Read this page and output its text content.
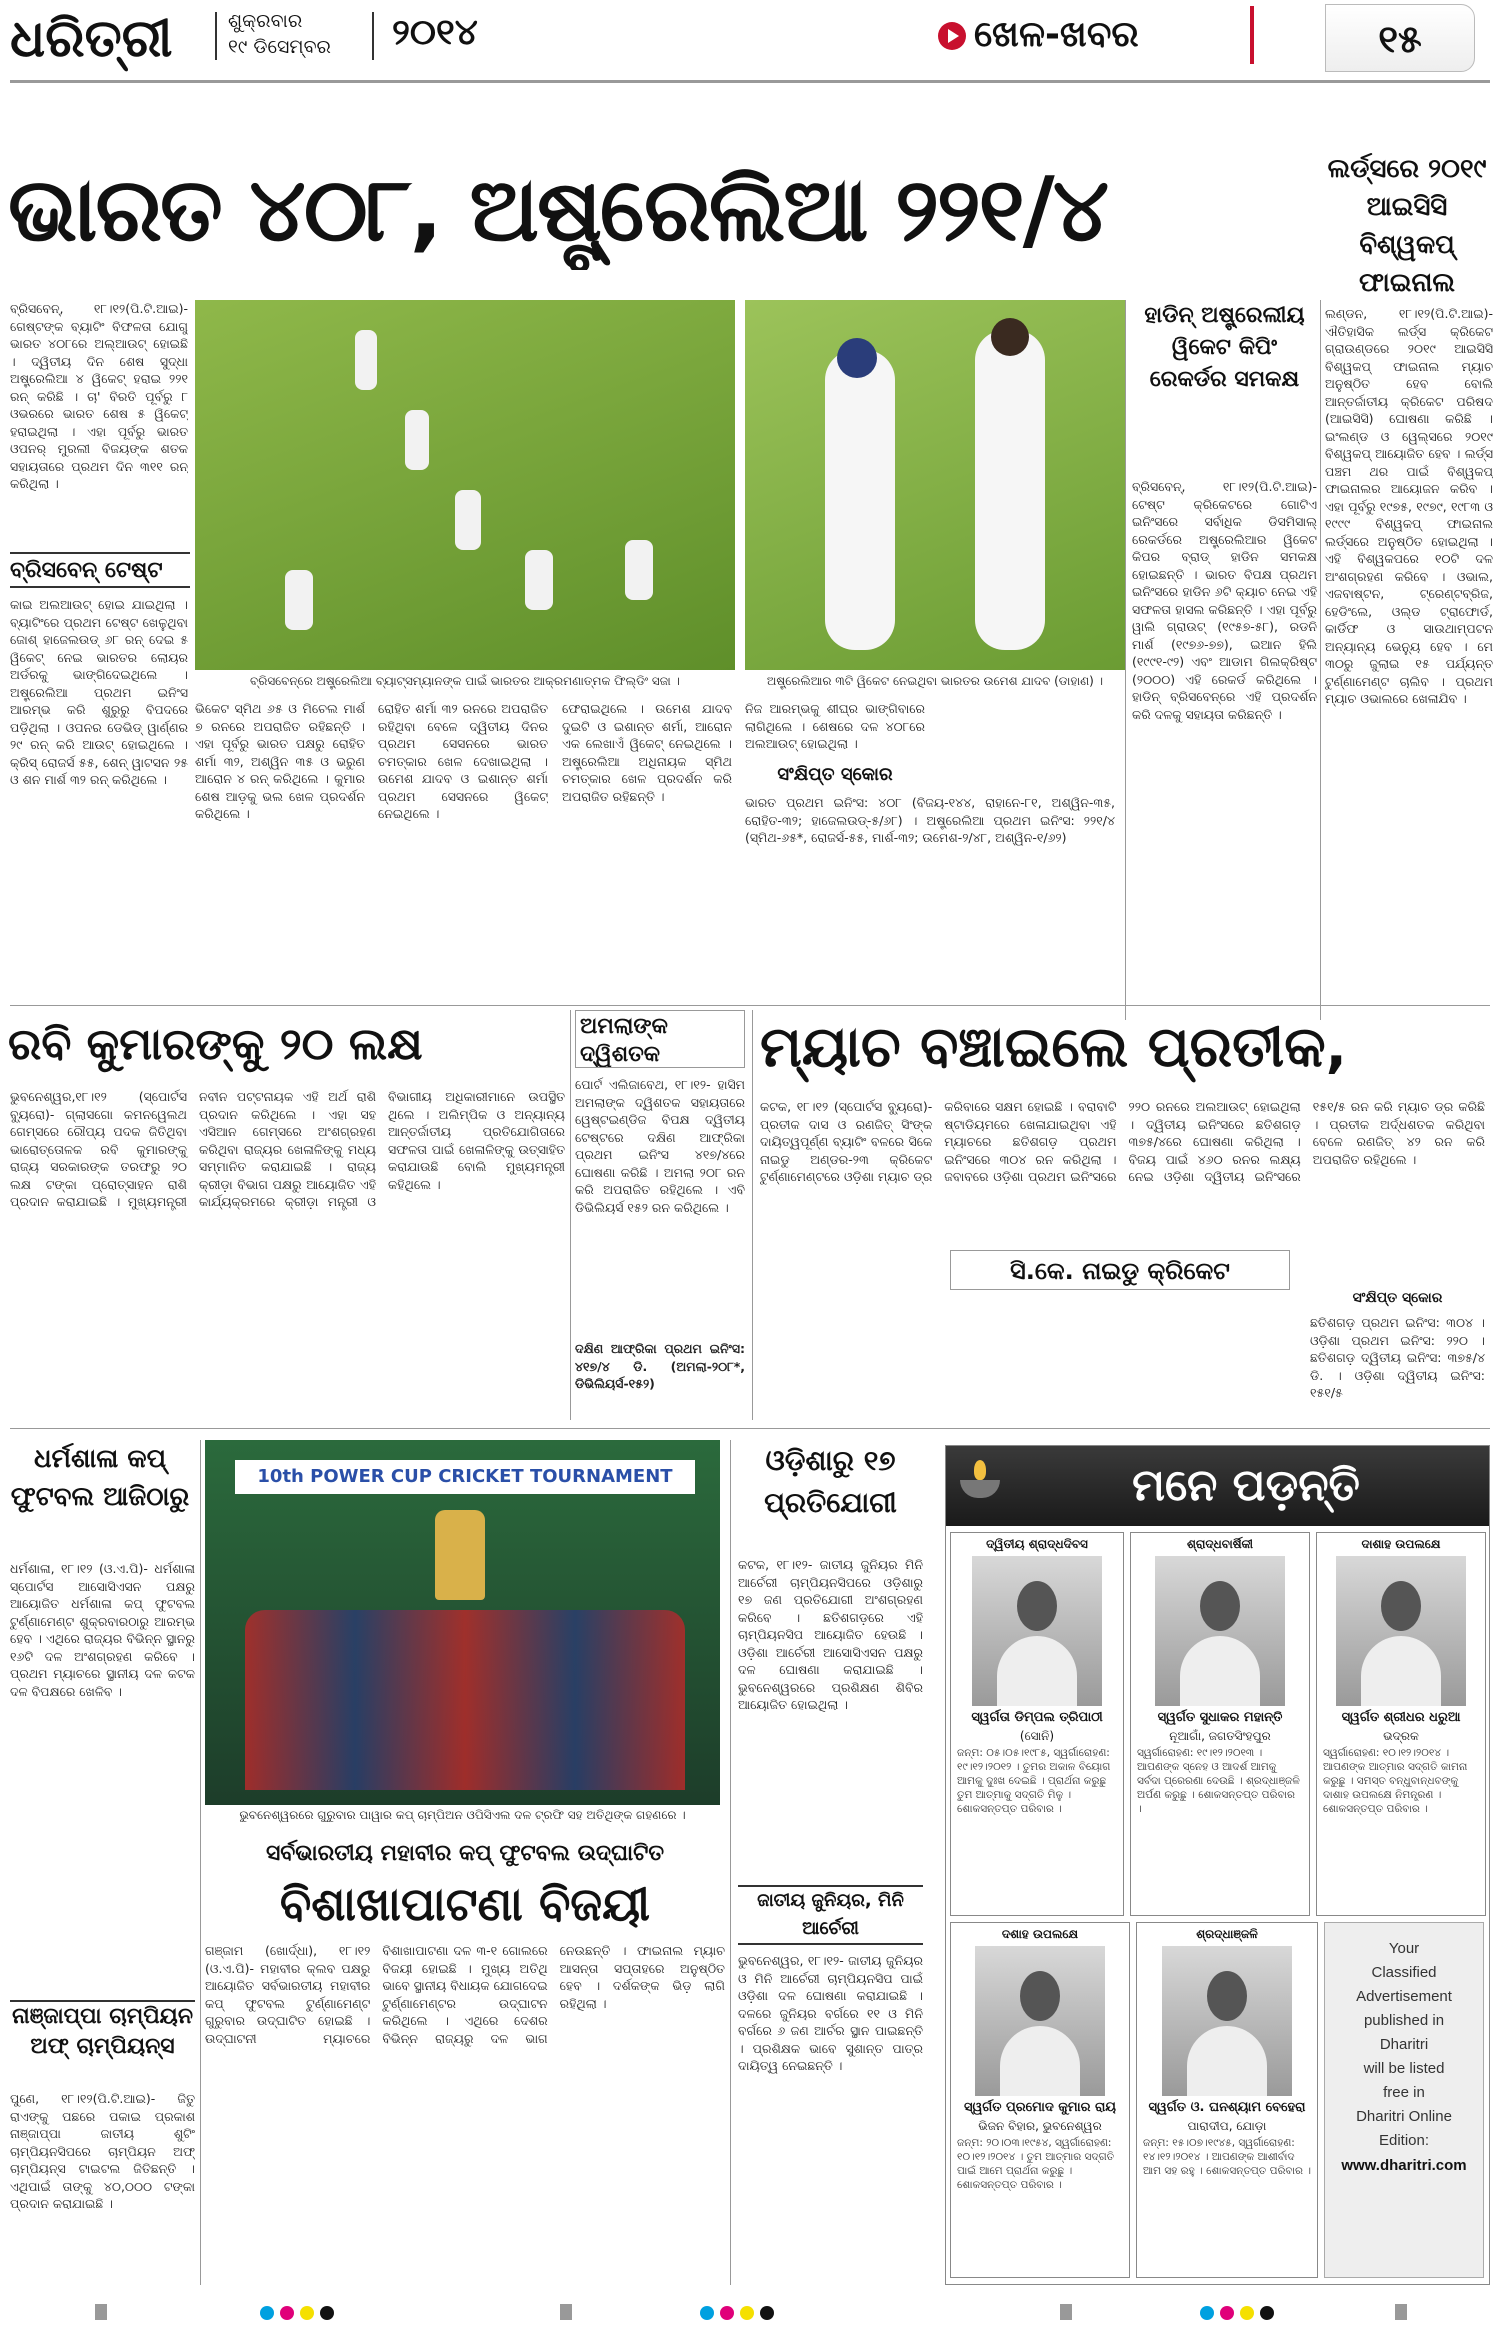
ଧରିତ୍ରୀ	ଶୁକ୍ରବାର
୧୯ ଡିସେମ୍ବର	୨୦୧୪	ଖେଳ-ଖବର	୧୫
ଭାରତ ୪୦୮, ଅଷ୍ଟ୍ରେଲିଆ ୨୨୧/୪	ଲର୍ଡ୍ସରେ ୨୦୧୯ ଆଇସିସି ବିଶ୍ୱକପ୍ ଫାଇନାଲ
ବ୍ରିସବେନ୍, ୧୮।୧୨(ପି.ଟି.ଆଇ)- ଗେଷ୍ଟଙ୍କ ବ୍ୟାଟିଂ ବିଫଳତା ଯୋଗୁ ଭାରତ ୪୦୮ରେ ଅଲ୍‌ଆଉଟ୍ ହୋଇଛି । ଦ୍ୱିତୀୟ ଦିନ ଶେଷ ସୁଦ୍ଧା ଅଷ୍ଟ୍ରେଲିଆ ୪ ୱିକେଟ୍ ହରାଇ ୨୨୧ ରନ୍ କରିଛି । ଚା' ବିରତି ପୂର୍ବରୁ ୮ ଓଭରରେ ଭାରତ ଶେଷ ୫ ୱିକେଟ୍ ହରାଇଥିଲା । ଏହା ପୂର୍ବରୁ ଭାରତ ଓପନର୍ ମୁରଲୀ ବିଜୟଙ୍କ ଶତକ ସହାୟତାରେ ପ୍ରଥମ ଦିନ ୩୧୧ ରନ୍ କରିଥିଲା ।
ବ୍ରିସବେନ୍ ଟେଷ୍ଟ
କାଇ ଅଲଆଉଟ୍ ହୋଇ ଯାଇଥିଲା । ବ୍ୟାଟିଂରେ ପ୍ରଥମ ଟେଷ୍ଟ ଖେଳୁଥିବା ଜୋଶ୍ ହାଜେଲଉଡ୍ ୬୮ ରନ୍ ଦେଇ ୫ ୱିକେଟ୍ ନେଇ ଭାରତର ଲୋୟର ଅର୍ଡରକୁ ଭାଙ୍ଗିଦେଇଥିଲେ । ଅଷ୍ଟ୍ରେଲିଆ ପ୍ରଥମ ଇନିଂସ ଆରମ୍ଭ କରି ଶୁରୁରୁ ବିପଦରେ ପଡ଼ିଥିଲା । ଓପନର ଡେଭିଡ୍ ୱାର୍ଣ୍ଣର ୨୯ ରନ୍ କରି ଆଉଟ୍ ହୋଇଥିଲେ । କ୍ରିସ୍ ରୋଜର୍ସ ୫୫, ଶେନ୍ ୱାଟସନ ୨୫ ଓ ଶନ ମାର୍ଶ ୩୨ ରନ୍ କରିଥିଲେ ।
ବ୍ରିସବେନ୍‌ରେ ଅଷ୍ଟ୍ରେଲିଆ ବ୍ୟାଟ୍ସମ୍ୟାନଙ୍କ ପାଇଁ ଭାରତର ଆକ୍ରମଣାତ୍ମକ ଫିଲ୍ଡିଂ ସଜା ।	ଅଷ୍ଟ୍ରେଲିଆର ୩ଟି ୱିକେଟ ନେଇଥିବା ଭାରତର ଉମେଶ ଯାଦବ (ଡାହାଣ) ।
ହାଡିନ୍ ଅଷ୍ଟ୍ରେଲୀୟ ୱିକେଟ କିପିଂ ରେକର୍ଡର ସମକକ୍ଷ
ବ୍ରିସବେନ୍, ୧୮।୧୨(ପି.ଟି.ଆଇ)- ଟେଷ୍ଟ କ୍ରିକେଟରେ ଗୋଟିଏ ଇନିଂସରେ ସର୍ବାଧିକ ଡିସମିସାଲ୍ ରେକର୍ଡରେ ଅଷ୍ଟ୍ରେଲିଆର ୱିକେଟ କିପର ବ୍ରାଡ୍ ହାଡିନ ସମକକ୍ଷ ହୋଇଛନ୍ତି । ଭାରତ ବିପକ୍ଷ ପ୍ରଥମ ଇନିଂସରେ ହାଡିନ ୬ଟି କ୍ୟାଚ ନେଇ ଏହି ସଫଳତା ହାସଲ କରିଛନ୍ତି । ଏହା ପୂର୍ବରୁ ୱାଲି ଗ୍ରାଉଟ୍ (୧୯୫୭-୫୮), ରଡନି ମାର୍ଶ (୧୯୭୬-୭୭), ଇଆନ ହିଲି (୧୯୯୧-୯୨) ଏବଂ ଆଡାମ ଗିଲକ୍ରିଷ୍ଟ (୨୦୦୦) ଏହି ରେକର୍ଡ କରିଥିଲେ । ହାଡିନ୍ ବ୍ରିସବେନ୍‌ରେ ଏହି ପ୍ରଦର୍ଶନ କରି ଦଳକୁ ସହାୟତା କରିଛନ୍ତି ।
ଲଣ୍ଡନ, ୧୮।୧୨(ପି.ଟି.ଆଇ)- ଐତିହାସିକ ଲର୍ଡ୍ସ କ୍ରିକେଟ ଗ୍ରାଉଣ୍ଡରେ ୨୦୧୯ ଆଇସିସି ବିଶ୍ୱକପ୍ ଫାଇନାଲ ମ୍ୟାଚ ଅନୁଷ୍ଠିତ ହେବ ବୋଲି ଆନ୍ତର୍ଜାତୀୟ କ୍ରିକେଟ ପରିଷଦ (ଆଇସିସି) ଘୋଷଣା କରିଛି । ଇଂଲଣ୍ଡ ଓ ୱେଲ୍ସରେ ୨୦୧୯ ବିଶ୍ୱକପ୍ ଆୟୋଜିତ ହେବ । ଲର୍ଡ୍ସ ପଞ୍ଚମ ଥର ପାଇଁ ବିଶ୍ୱକପ୍ ଫାଇନାଲର ଆୟୋଜନ କରିବ । ଏହା ପୂର୍ବରୁ ୧୯୭୫, ୧୯୭୯, ୧୯୮୩ ଓ ୧୯୯୯ ବିଶ୍ୱକପ୍ ଫାଇନାଲ ଲର୍ଡ୍ସରେ ଅନୁଷ୍ଠିତ ହୋଇଥିଲା । ଏହି ବିଶ୍ୱକପରେ ୧୦ଟି ଦଳ ଅଂଶଗ୍ରହଣ କରିବେ । ଓଭାଲ, ଏଜବାଷ୍ଟନ, ଟ୍ରେଣ୍ଟବ୍ରିଜ, ହେଡିଂଲେ, ଓଲ୍ଡ ଟ୍ରାଫୋର୍ଡ, କାର୍ଡିଫ ଓ ସାଉଥାମ୍ପଟନ ଅନ୍ୟାନ୍ୟ ଭେନ୍ୟୁ ହେବ । ମେ ୩୦ରୁ ଜୁଲାଇ ୧୫ ପର୍ଯ୍ୟନ୍ତ ଟୁର୍ଣ୍ଣାମେଣ୍ଟ ଚାଲିବ । ପ୍ରଥମ ମ୍ୟାଚ ଓଭାଲରେ ଖେଳାଯିବ ।
ଭିକେଟ ସ୍ମିଥ ୬୫ ଓ ମିଚେଲ ମାର୍ଶ ୭ ରନରେ ଅପରାଜିତ ରହିଛନ୍ତି । ଏହା ପୂର୍ବରୁ ଭାରତ ପକ୍ଷରୁ ରୋହିତ ଶର୍ମା ୩୨, ଅଶ୍ୱିନ ୩୫ ଓ ଭରୁଣ ଆରୋନ ୪ ରନ୍ କରିଥିଲେ । କୁମାର ଶେଷ ଆଡ଼କୁ ଭଲ ଖେଳ ପ୍ରଦର୍ଶନ କରିଥିଲେ ।
ରୋହିତ ଶର୍ମା ୩୨ ରନରେ ଅପରାଜିତ ରହିଥିବା ବେଳେ ଦ୍ୱିତୀୟ ଦିନର ପ୍ରଥମ ସେସନରେ ଭାରତ ଚମତ୍କାର ଖେଳ ଦେଖାଇଥିଲା । ଉମେଶ ଯାଦବ ଓ ଇଶାନ୍ତ ଶର୍ମା ପ୍ରଥମ ସେସନରେ ୱିକେଟ୍ ନେଇଥିଲେ ।
ଫେରାଇଥିଲେ । ଉମେଶ ଯାଦବ ଦୁଇଟି ଓ ଇଶାନ୍ତ ଶର୍ମା, ଆରୋନ ଏକ ଲେଖାଏଁ ୱିକେଟ୍ ନେଇଥିଲେ । ଅଷ୍ଟ୍ରେଲିଆ ଅଧିନାୟକ ସ୍ମିଥ ଚମତ୍କାର ଖେଳ ପ୍ରଦର୍ଶନ କରି ଅପରାଜିତ ରହିଛନ୍ତି ।
ନିଜ ଆରମ୍ଭକୁ ଶୀଘ୍ର ଭାଙ୍ଗିବାରେ ଲାଗିଥିଲେ । ଶେଷରେ ଦଳ ୪୦୮ରେ ଅଲଆଉଟ୍ ହୋଇଥିଲା ।
ସଂକ୍ଷିପ୍ତ ସ୍କୋର
ଭାରତ ପ୍ରଥମ ଇନିଂସ: ୪୦୮ (ବିଜୟ-୧୪୪, ରାହାନେ-୮୧, ଅଶ୍ୱିନ-୩୫, ରୋହିତ-୩୨; ହାଜେଲଉଡ୍-୫/୬୮) । ଅଷ୍ଟ୍ରେଲିଆ ପ୍ରଥମ ଇନିଂସ: ୨୨୧/୪ (ସ୍ମିଥ-୬୫*, ରୋଜର୍ସ-୫୫, ମାର୍ଶ-୩୨; ଉମେଶ-୨/୪୮, ଅଶ୍ୱିନ-୧/୬୨)
ରବି କୁମାରଙ୍କୁ ୨୦ ଲକ୍ଷ
ଭୁବନେଶ୍ୱର,୧୮।୧୨ (ସ୍ପୋର୍ଟସ ବ୍ୟୁରୋ)- ଗ୍ଲାସଗୋ କମନୱେଲଥ ଗେମ୍ସରେ ରୌପ୍ୟ ପଦକ ଜିତିଥିବା ଭାରୋତ୍ତୋଳକ ରବି କୁମାରଙ୍କୁ ରାଜ୍ୟ ସରକାରଙ୍କ ତରଫରୁ ୨୦ ଲକ୍ଷ ଟଙ୍କା ପ୍ରୋତ୍ସାହନ ରାଶି ପ୍ରଦାନ କରାଯାଇଛି । ମୁଖ୍ୟମନ୍ତ୍ରୀ ନବୀନ ପଟ୍ଟନାୟକ ଏହି ଅର୍ଥ ରାଶି ପ୍ରଦାନ କରିଥିଲେ । ଏହା ସହ ଏସିଆନ ଗେମ୍ସରେ ଅଂଶଗ୍ରହଣ କରିଥିବା ରାଜ୍ୟର ଖେଳାଳିଙ୍କୁ ମଧ୍ୟ ସମ୍ମାନିତ କରାଯାଇଛି । ରାଜ୍ୟ କ୍ରୀଡ଼ା ବିଭାଗ ପକ୍ଷରୁ ଆୟୋଜିତ ଏହି କାର୍ଯ୍ୟକ୍ରମରେ କ୍ରୀଡ଼ା ମନ୍ତ୍ରୀ ଓ ବିଭାଗୀୟ ଅଧିକାରୀମାନେ ଉପସ୍ଥିତ ଥିଲେ । ଅଲିମ୍ପିକ ଓ ଅନ୍ୟାନ୍ୟ ଆନ୍ତର୍ଜାତୀୟ ପ୍ରତିଯୋଗିତାରେ ସଫଳତା ପାଇଁ ଖେଳାଳିଙ୍କୁ ଉତ୍ସାହିତ କରାଯାଉଛି ବୋଲି ମୁଖ୍ୟମନ୍ତ୍ରୀ କହିଥିଲେ ।
ଅମଲାଙ୍କ ଦ୍ୱିଶତକ
ପୋର୍ଟ ଏଲିଜାବେଥ, ୧୮।୧୨- ହାସିମ ଅମଲାଙ୍କ ଦ୍ୱିଶତକ ସହାୟତାରେ ୱେଷ୍ଟଇଣ୍ଡିଜ ବିପକ୍ଷ ଦ୍ୱିତୀୟ ଟେଷ୍ଟରେ ଦକ୍ଷିଣ ଆଫ୍ରିକା ପ୍ରଥମ ଇନିଂସ ୪୧୭/୪ରେ ଘୋଷଣା କରିଛି । ଅମଲା ୨୦୮ ରନ କରି ଅପରାଜିତ ରହିଥିଲେ । ଏବି ଡିଭିଲିୟର୍ସ ୧୫୨ ରନ କରିଥିଲେ ।
ଦକ୍ଷିଣ ଆଫ୍ରିକା ପ୍ରଥମ ଇନିଂସ: ୪୧୭/୪ ଡି. (ଅମଲା-୨୦୮*, ଡିଭିଲିୟର୍ସ-୧୫୨)
ମ୍ୟାଚ ବଞ୍ଚାଇଲେ ପ୍ରତୀକ,
କଟକ, ୧୮।୧୨ (ସ୍ପୋର୍ଟସ ବ୍ୟୁରୋ)- ପ୍ରତୀକ ଦାସ ଓ ରଣଜିତ୍ ସିଂଙ୍କ ଦାୟିତ୍ୱପୂର୍ଣ୍ଣ ବ୍ୟାଟିଂ ବଳରେ ସିକେ ନାଇଡୁ ଅଣ୍ଡର-୨୩ କ୍ରିକେଟ ଟୁର୍ଣ୍ଣାମେଣ୍ଟରେ ଓଡ଼ିଶା ମ୍ୟାଚ ଡ୍ର କରିବାରେ ସକ୍ଷମ ହୋଇଛି । ବରାବାଟି ଷ୍ଟାଡିୟମରେ ଖେଳାଯାଇଥିବା ଏହି ମ୍ୟାଚରେ ଛତିଶଗଡ଼ ପ୍ରଥମ ଇନିଂସରେ ୩୦୪ ରନ କରିଥିଲା । ଜବାବରେ ଓଡ଼ିଶା ପ୍ରଥମ ଇନିଂସରେ ୨୨୦ ରନରେ ଅଲଆଉଟ୍ ହୋଇଥିଲା । ଦ୍ୱିତୀୟ ଇନିଂସରେ ଛତିଶଗଡ଼ ୩୭୫/୪ରେ ଘୋଷଣା କରିଥିଲା । ବିଜୟ ପାଇଁ ୪୬୦ ରନର ଲକ୍ଷ୍ୟ ନେଇ ଓଡ଼ିଶା ଦ୍ୱିତୀୟ ଇନିଂସରେ ୧୫୧/୫ ରନ କରି ମ୍ୟାଚ ଡ୍ର କରିଛି । ପ୍ରତୀକ ଅର୍ଦ୍ଧଶତକ କରିଥିବା ବେଳେ ରଣଜିତ୍ ୪୨ ରନ କରି ଅପରାଜିତ ରହିଥିଲେ ।
ସି.କେ. ନାଇଡୁ କ୍ରିକେଟ
ସଂକ୍ଷିପ୍ତ ସ୍କୋର
ଛତିଶଗଡ଼ ପ୍ରଥମ ଇନିଂସ: ୩୦୪ । ଓଡ଼ିଶା ପ୍ରଥମ ଇନିଂସ: ୨୨୦ । ଛତିଶଗଡ଼ ଦ୍ୱିତୀୟ ଇନିଂସ: ୩୭୫/୪ ଡି. । ଓଡ଼ିଶା ଦ୍ୱିତୀୟ ଇନିଂସ: ୧୫୧/୫
ଧର୍ମଶାଳା କପ୍ ଫୁଟବଲ ଆଜିଠାରୁ
ଧର୍ମଶାଳା, ୧୮।୧୨ (ଓ.ଏ.ପି)- ଧର୍ମଶାଳା ସ୍ପୋର୍ଟସ ଆସୋସିଏସନ ପକ୍ଷରୁ ଆୟୋଜିତ ଧର୍ମଶାଳା କପ୍ ଫୁଟବଲ ଟୁର୍ଣ୍ଣାମେଣ୍ଟ ଶୁକ୍ରବାରଠାରୁ ଆରମ୍ଭ ହେବ । ଏଥିରେ ରାଜ୍ୟର ବିଭିନ୍ନ ସ୍ଥାନରୁ ୧୬ଟି ଦଳ ଅଂଶଗ୍ରହଣ କରିବେ । ପ୍ରଥମ ମ୍ୟାଚରେ ସ୍ଥାନୀୟ ଦଳ କଟକ ଦଳ ବିପକ୍ଷରେ ଖେଳିବ ।
ନାଞ୍ଜାପ୍ପା ଚାମ୍ପିୟନ ଅଫ୍ ଚାମ୍ପିୟନ୍ସ
ପୁଣେ, ୧୮।୧୨(ପି.ଟି.ଆଇ)- ଜିତୁ ରାଏଙ୍କୁ ପଛରେ ପକାଇ ପ୍ରକାଶ ନାଞ୍ଜାପ୍ପା ଜାତୀୟ ଶୁଟିଂ ଚାମ୍ପିୟନସିପରେ ଚାମ୍ପିୟନ ଅଫ୍ ଚାମ୍ପିୟନ୍ସ ଟାଇଟଲ ଜିତିଛନ୍ତି । ଏଥିପାଇଁ ତାଙ୍କୁ ୪୦,୦୦୦ ଟଙ୍କା ପ୍ରଦାନ କରାଯାଇଛି ।
10th POWER CUP CRICKET TOURNAMENT
ଭୁବନେଶ୍ୱରରେ ଗୁରୁବାର ପାୱାର କପ୍ ଚାମ୍ପିଅନ ଓପିସିଏଲ ଦଳ ଟ୍ରଫି ସହ ଅତିଥିଙ୍କ ଗହଣରେ ।
ସର୍ବଭାରତୀୟ ମହାବୀର କପ୍ ଫୁଟବଲ ଉଦ୍‌ଘାଟିତ
ବିଶାଖାପାଟଣା ବିଜୟୀ
ଗଞ୍ଜାମ (ଖୋର୍ଦ୍ଧା), ୧୮।୧୨ (ଓ.ଏ.ପି)- ମହାବୀର କ୍ଲବ ପକ୍ଷରୁ ଆୟୋଜିତ ସର୍ବଭାରତୀୟ ମହାବୀର କପ୍ ଫୁଟବଲ ଟୁର୍ଣ୍ଣାମେଣ୍ଟ ଗୁରୁବାର ଉଦ୍‌ଘାଟିତ ହୋଇଛି । ଉଦ୍‌ଘାଟନୀ ମ୍ୟାଚରେ ବିଶାଖାପାଟଣା ଦଳ ୩-୧ ଗୋଲରେ ବିଜୟୀ ହୋଇଛି । ମୁଖ୍ୟ ଅତିଥି ଭାବେ ସ୍ଥାନୀୟ ବିଧାୟକ ଯୋଗଦେଇ ଟୁର୍ଣ୍ଣାମେଣ୍ଟର ଉଦ୍‌ଘାଟନ କରିଥିଲେ । ଏଥିରେ ଦେଶର ବିଭିନ୍ନ ରାଜ୍ୟରୁ ଦଳ ଭାଗ ନେଉଛନ୍ତି । ଫାଇନାଲ ମ୍ୟାଚ ଆସନ୍ତା ସପ୍ତାହରେ ଅନୁଷ୍ଠିତ ହେବ । ଦର୍ଶକଙ୍କ ଭିଡ଼ ଲାଗି ରହିଥିଲା ।
ଓଡ଼ିଶାରୁ ୧୭ ପ୍ରତିଯୋଗୀ
କଟକ, ୧୮।୧୨- ଜାତୀୟ ଜୁନିୟର ମିନି ଆର୍ଚେରୀ ଚାମ୍ପିୟନସିପରେ ଓଡ଼ିଶାରୁ ୧୭ ଜଣ ପ୍ରତିଯୋଗୀ ଅଂଶଗ୍ରହଣ କରିବେ । ଛତିଶଗଡ଼ରେ ଏହି ଚାମ୍ପିୟନସିପ ଆୟୋଜିତ ହେଉଛି । ଓଡ଼ିଶା ଆର୍ଚେରୀ ଆସୋସିଏସନ ପକ୍ଷରୁ ଦଳ ଘୋଷଣା କରାଯାଇଛି । ଭୁବନେଶ୍ୱରରେ ପ୍ରଶିକ୍ଷଣ ଶିବିର ଆୟୋଜିତ ହୋଇଥିଲା ।
ଜାତୀୟ ଜୁନିୟର, ମିନି ଆର୍ଚେରୀ
ଭୁବନେଶ୍ୱର, ୧୮।୧୨- ଜାତୀୟ ଜୁନିୟର ଓ ମିନି ଆର୍ଚେରୀ ଚାମ୍ପିୟନସିପ ପାଇଁ ଓଡ଼ିଶା ଦଳ ଘୋଷଣା କରାଯାଇଛି । ଦଳରେ ଜୁନିୟର ବର୍ଗରେ ୧୧ ଓ ମିନି ବର୍ଗରେ ୬ ଜଣ ଆର୍ଚର ସ୍ଥାନ ପାଇଛନ୍ତି । ପ୍ରଶିକ୍ଷକ ଭାବେ ସୁଶାନ୍ତ ପାତ୍ର ଦାୟିତ୍ୱ ନେଇଛନ୍ତି ।
ମନେ ପଡ଼ନ୍ତି
ଦ୍ୱିତୀୟ ଶ୍ରାଦ୍ଧଦିବସ
ସ୍ୱର୍ଗତା ଡିମ୍ପଲ ତ୍ରିପାଠୀ
(ସୋନି)
ଜନ୍ମ: ୦୫।୦୫।୧୯୮୫, ସ୍ୱର୍ଗାରୋହଣ: ୧୯।୧୨।୨୦୧୨ । ତୁମର ଅକାଳ ବିୟୋଗ ଆମକୁ ଦୁଃଖ ଦେଇଛି । ପ୍ରାର୍ଥନା କରୁଛୁ ତୁମ ଆତ୍ମାକୁ ସଦ୍‌ଗତି ମିଳୁ । ଶୋକସନ୍ତପ୍ତ ପରିବାର ।
ଶ୍ରାଦ୍ଧବାର୍ଷିକୀ
ସ୍ୱର୍ଗତ ସୁଧାକର ମହାନ୍ତି
ନୂଆଗାଁ, ଜଗତସିଂହପୁର
ସ୍ୱର୍ଗାରୋହଣ: ୧୯।୧୨।୨୦୧୩ । ଆପଣଙ୍କ ସ୍ନେହ ଓ ଆଦର୍ଶ ଆମକୁ ସର୍ବଦା ପ୍ରେରଣା ଦେଉଛି । ଶ୍ରଦ୍ଧାଞ୍ଜଳି ଅର୍ପଣ କରୁଛୁ । ଶୋକସନ୍ତପ୍ତ ପରିବାର ।
ଦାଶାହ ଉପଲକ୍ଷେ
ସ୍ୱର୍ଗତ ଶ୍ରୀଧର ଧରୁଆ
ଭଦ୍ରକ
ସ୍ୱର୍ଗାରୋହଣ: ୧୦।୧୨।୨୦୧୪ । ଆପଣଙ୍କ ଆତ୍ମାର ସଦ୍‌ଗତି କାମନା କରୁଛୁ । ସମସ୍ତ ବନ୍ଧୁବାନ୍ଧବଙ୍କୁ ଦାଶାହ ଉପଲକ୍ଷେ ନିମନ୍ତ୍ରଣ । ଶୋକସନ୍ତପ୍ତ ପରିବାର ।
ଦଶାହ ଉପଲକ୍ଷେ
ସ୍ୱର୍ଗତ ପ୍ରମୋଦ କୁମାର ରାୟ
ଭିଜନ ବିହାର, ଭୁବନେଶ୍ୱର
ଜନ୍ମ: ୨୦।୦୩।୧୯୫୪, ସ୍ୱର୍ଗାରୋହଣ: ୧୦।୧୨।୨୦୧୪ । ତୁମ ଆତ୍ମାର ସଦ୍‌ଗତି ପାଇଁ ଆମେ ପ୍ରାର୍ଥନା କରୁଛୁ । ଶୋକସନ୍ତପ୍ତ ପରିବାର ।
ଶ୍ରଦ୍ଧାଞ୍ଜଳି
ସ୍ୱର୍ଗତ ଓ. ଘନଶ୍ୟାମ ବେହେରା
ପାରାଦୀପ, ଯୋଡ଼ା
ଜନ୍ମ: ୧୫।୦୭।୧୯୪୫, ସ୍ୱର୍ଗାରୋହଣ: ୧୪।୧୨।୨୦୧୪ । ଆପଣଙ୍କ ଆଶୀର୍ବାଦ ଆମ ସହ ରହୁ । ଶୋକସନ୍ତପ୍ତ ପରିବାର ।
Your
Classified
Advertisement
published in
Dharitri
will be listed
free in
Dharitri Online
Edition:
www.dharitri.com
